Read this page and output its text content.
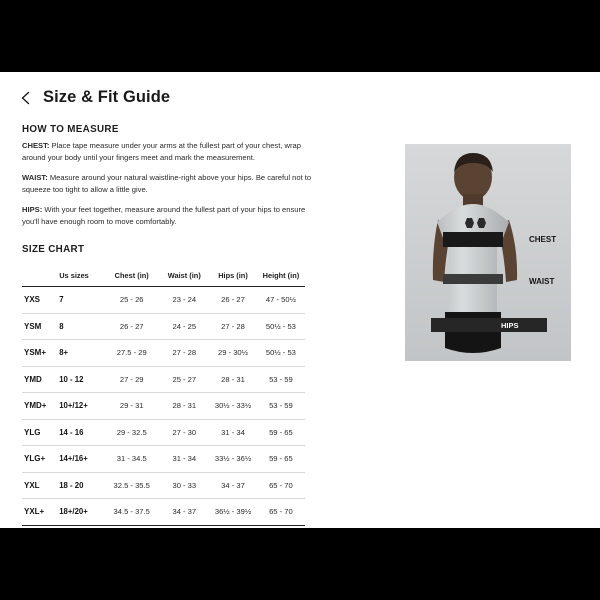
Size & Fit Guide
HOW TO MEASURE

CHEST: Place tape measure under your arms at the fullest part of your chest, wrap around your body until your fingers meet and mark the measurement.

WAIST: Measure around your natural waistline-right above your hips. Be careful not to squeeze too tight to allow a little give.

HIPS: With your feet together, measure around the fullest part of your hips to ensure you'll have enough room to move comfortably.

CHEST
WAIST
HIPS
SIZE CHART
	Us sizes	Chest (in)	Waist (in)	Hips (in)	Height (in)
YXS	7	25 - 26	23 - 24	26 - 27	47 - 50½
YSM	8	26 - 27	24 - 25	27 - 28	50½ - 53
YSM+	8+	27.5 - 29	27 - 28	29 - 30½	50½ - 53
YMD	10 - 12	27 - 29	25 - 27	28 - 31	53 - 59
YMD+	10+/12+	29 - 31	28 - 31	30½ - 33½	53 - 59
YLG	14 - 16	29 - 32.5	27 - 30	31 - 34	59 - 65
YLG+	14+/16+	31 - 34.5	31 - 34	33½ - 36½	59 - 65
YXL	18 - 20	32.5 - 35.5	30 - 33	34 - 37	65 - 70
YXL+	18+/20+	34.5 - 37.5	34 - 37	36½ - 39½	65 - 70
